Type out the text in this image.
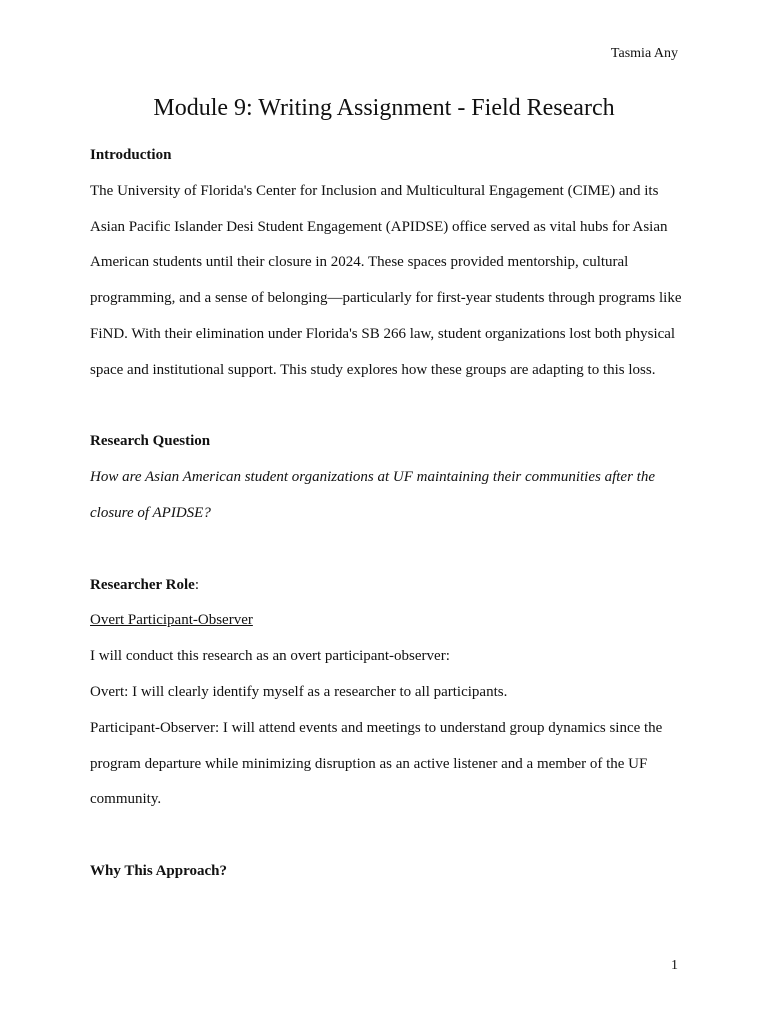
Tasmia Any
Module 9: Writing Assignment - Field Research

Introduction

The University of Florida's Center for Inclusion and Multicultural Engagement (CIME) and its Asian Pacific Islander Desi Student Engagement (APIDSE) office served as vital hubs for Asian American students until their closure in 2024. These spaces provided mentorship, cultural programming, and a sense of belonging—particularly for first-year students through programs like FiND. With their elimination under Florida's SB 266 law, student organizations lost both physical space and institutional support. This study explores how these groups are adapting to this loss.

Research Question

How are Asian American student organizations at UF maintaining their communities after the closure of APIDSE?

Researcher Role:

Overt Participant-Observer

I will conduct this research as an overt participant-observer:

Overt: I will clearly identify myself as a researcher to all participants.

Participant-Observer: I will attend events and meetings to understand group dynamics since the program departure while minimizing disruption as an active listener and a member of the UF community.

Why This Approach?

1
